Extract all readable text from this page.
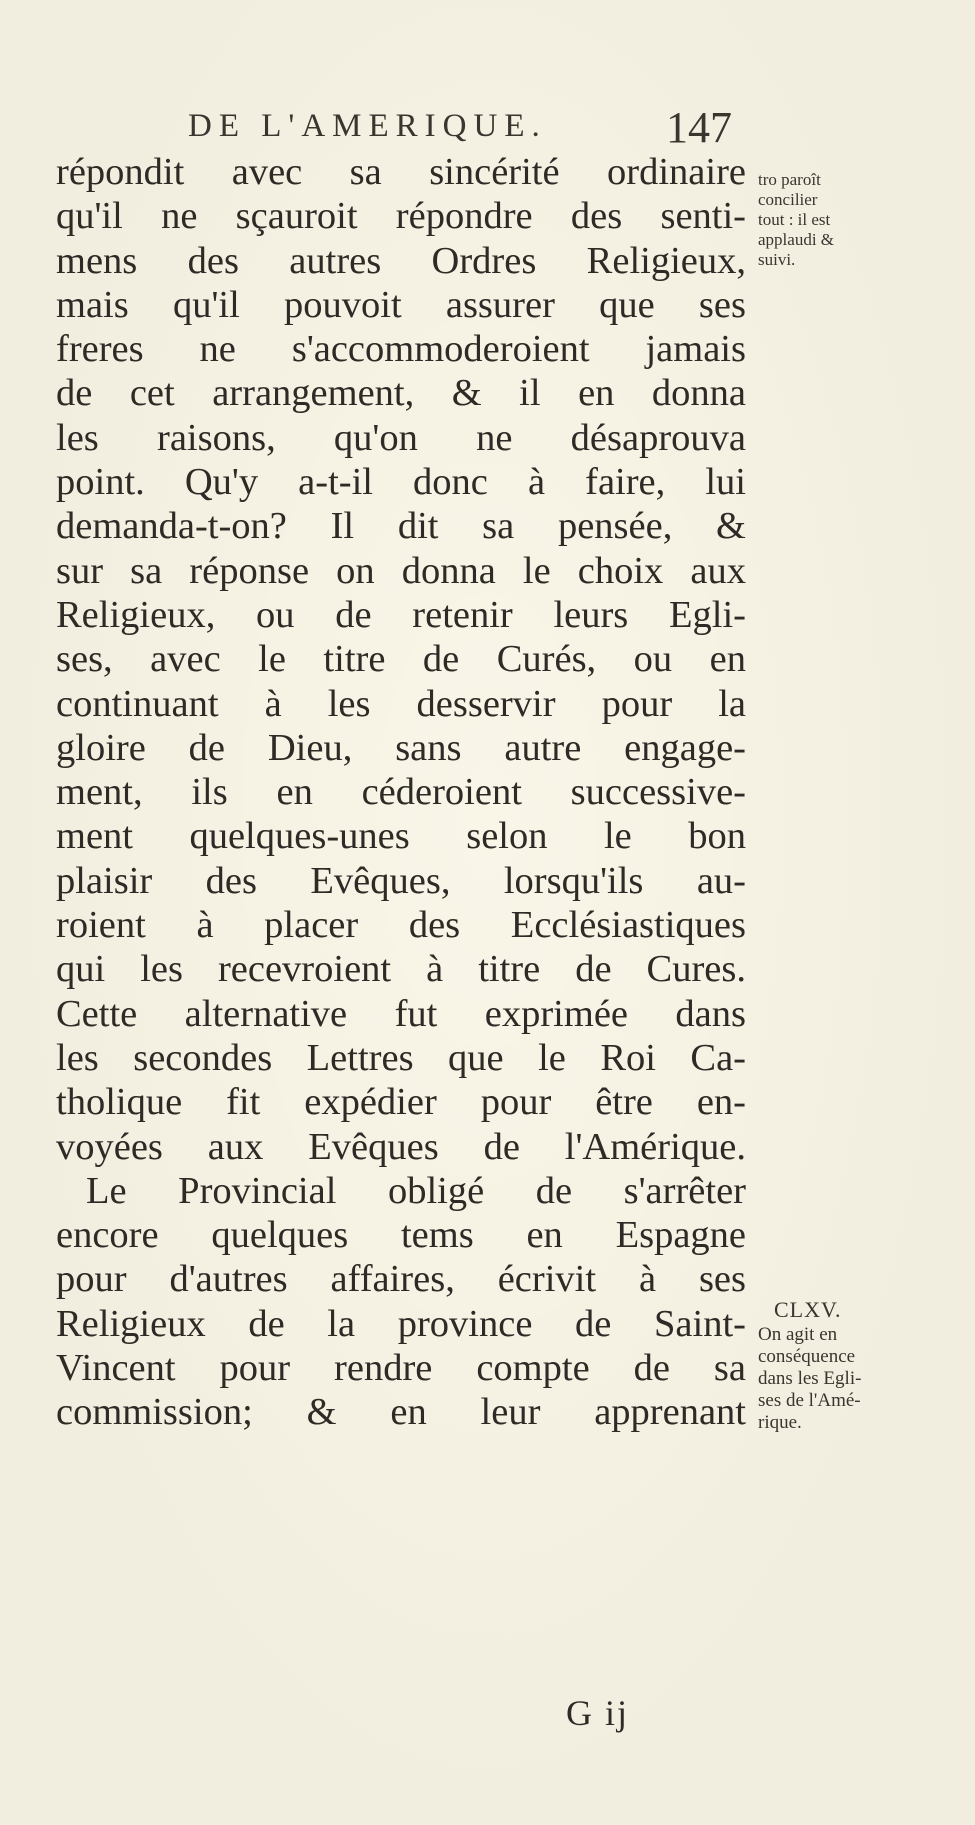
DE L'AMERIQUE.	147
répondit avec sa sincérité ordinaire
qu'il ne sçauroit répondre des senti-
mens des autres Ordres Religieux,
mais qu'il pouvoit assurer que ses
freres ne s'accommoderoient jamais
de cet arrangement, & il en donna
les raisons, qu'on ne désaprouva
point. Qu'y a-t-il donc à faire, lui
demanda-t-on? Il dit sa pensée, &
sur sa réponse on donna le choix aux
Religieux, ou de retenir leurs Egli-
ses, avec le titre de Curés, ou en
continuant à les desservir pour la
gloire de Dieu, sans autre engage-
ment, ils en céderoient successive-
ment quelques-unes selon le bon
plaisir des Evêques, lorsqu'ils au-
roient à placer des Ecclésiastiques
qui les recevroient à titre de Cures.
Cette alternative fut exprimée dans
les secondes Lettres que le Roi Ca-
tholique fit expédier pour être en-
voyées aux Evêques de l'Amérique.
Le Provincial obligé de s'arrêter
encore quelques tems en Espagne
pour d'autres affaires, écrivit à ses
Religieux de la province de Saint-
Vincent pour rendre compte de sa
commission; & en leur apprenant
tro paroît
concilier
tout : il est
applaudi &
suivi.
CLXV.
On agit en
conséquence
dans les Egli-
ses de l'Amé-
rique.
G ij
